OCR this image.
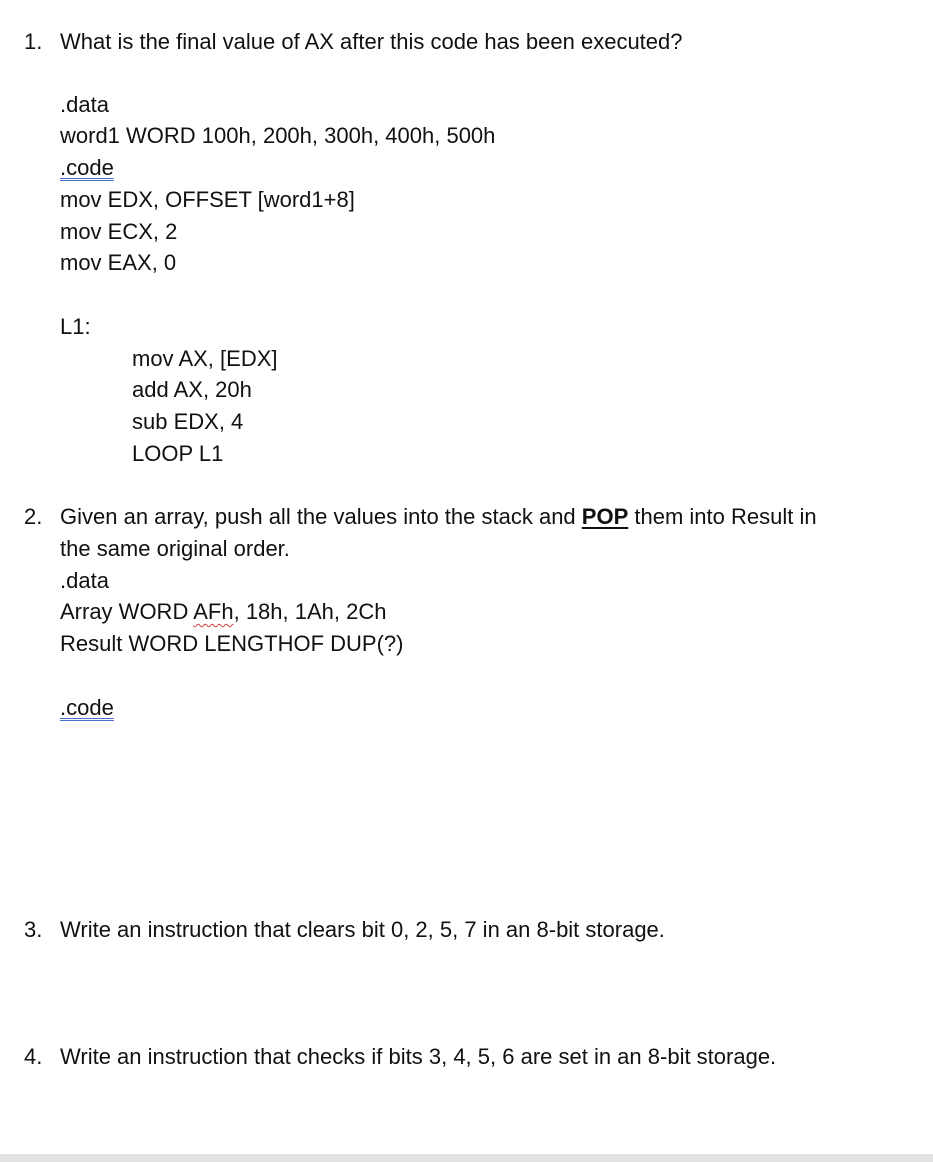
1. What is the final value of AX after this code has been executed?
.data
word1 WORD 100h, 200h, 300h, 400h, 500h
.code
mov EDX, OFFSET [word1+8]
mov ECX, 2
mov EAX, 0
L1:
mov AX, [EDX]
add AX, 20h
sub EDX, 4
LOOP L1
2. Given an array, push all the values into the stack and POP them into Result in
the same original order.
.data
Array WORD AFh, 18h, 1Ah, 2Ch
Result WORD LENGTHOF DUP(?)
.code
3. Write an instruction that clears bit 0, 2, 5, 7 in an 8-bit storage.
4. Write an instruction that checks if bits 3, 4, 5, 6 are set in an 8-bit storage.
